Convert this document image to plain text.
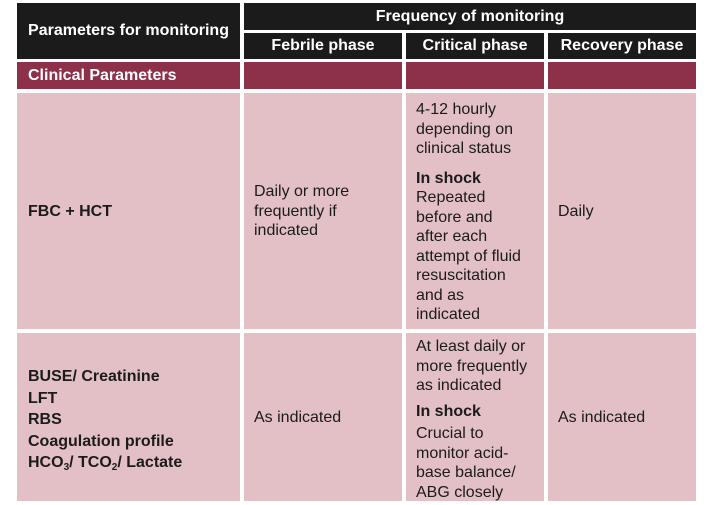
Parameters for monitoring
Frequency of monitoring
Febrile phase	Critical phase Recovery phase
Clinical Parameters
FBC + HCT
Daily or more
frequently if
indicated
4-12 hourly
depending on
clinical status
In shock
Repeated
before and
after each
attempt of fluid
resuscitation
and as
indicated
Daily
BUSE/ Creatinine
LFT
RBS
Coagulation profile
$HCO_3/$ $TCO_2/$ Lactate
As indicated
At least daily or
more frequently
as indicated
In shock
Crucial to
monitor acid-
base balance/
ABG closely
As indicated
